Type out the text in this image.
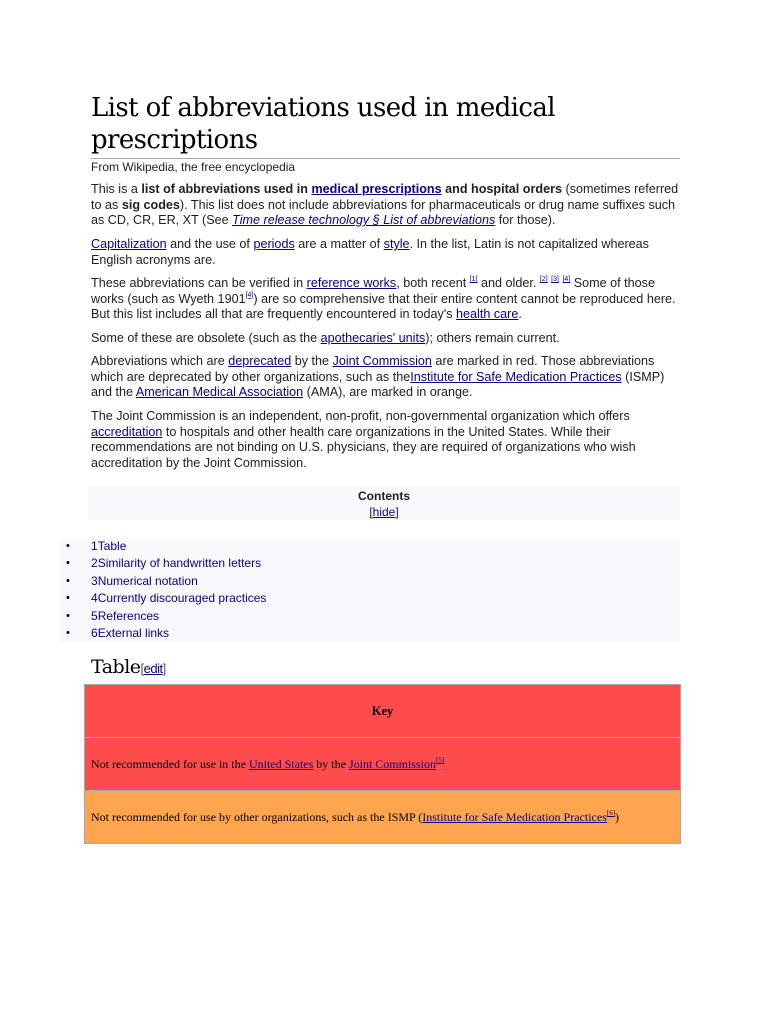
List of abbreviations used in medical prescriptions
From Wikipedia, the free encyclopedia

This is a list of abbreviations used in medical prescriptions and hospital orders (sometimes referred to as sig codes). This list does not include abbreviations for pharmaceuticals or drug name suffixes such as CD, CR, ER, XT (See Time release technology § List of abbreviations for those).

Capitalization and the use of periods are a matter of style. In the list, Latin is not capitalized whereas English acronyms are.

These abbreviations can be verified in reference works, both recent [1] and older. [2] [3] [4] Some of those works (such as Wyeth 1901[4]) are so comprehensive that their entire content cannot be reproduced here. But this list includes all that are frequently encountered in today's health care.

Some of these are obsolete (such as the apothecaries' units); others remain current.

Abbreviations which are deprecated by the Joint Commission are marked in red. Those abbreviations which are deprecated by other organizations, such as theInstitute for Safe Medication Practices (ISMP) and the American Medical Association (AMA), are marked in orange.

The Joint Commission is an independent, non-profit, non-governmental organization which offers accreditation to hospitals and other health care organizations in the United States. While their recommendations are not binding on U.S. physicians, they are required of organizations who wish accreditation by the Joint Commission.

Contents
[hide]
• 1Table
• 2Similarity of handwritten letters
• 3Numerical notation
• 4Currently discouraged practices
• 5References
• 6External links
Table[edit]
Key
Not recommended for use in the United States by the Joint Commission[5]
Not recommended for use by other organizations, such as the ISMP (Institute for Safe Medication Practices[6])
